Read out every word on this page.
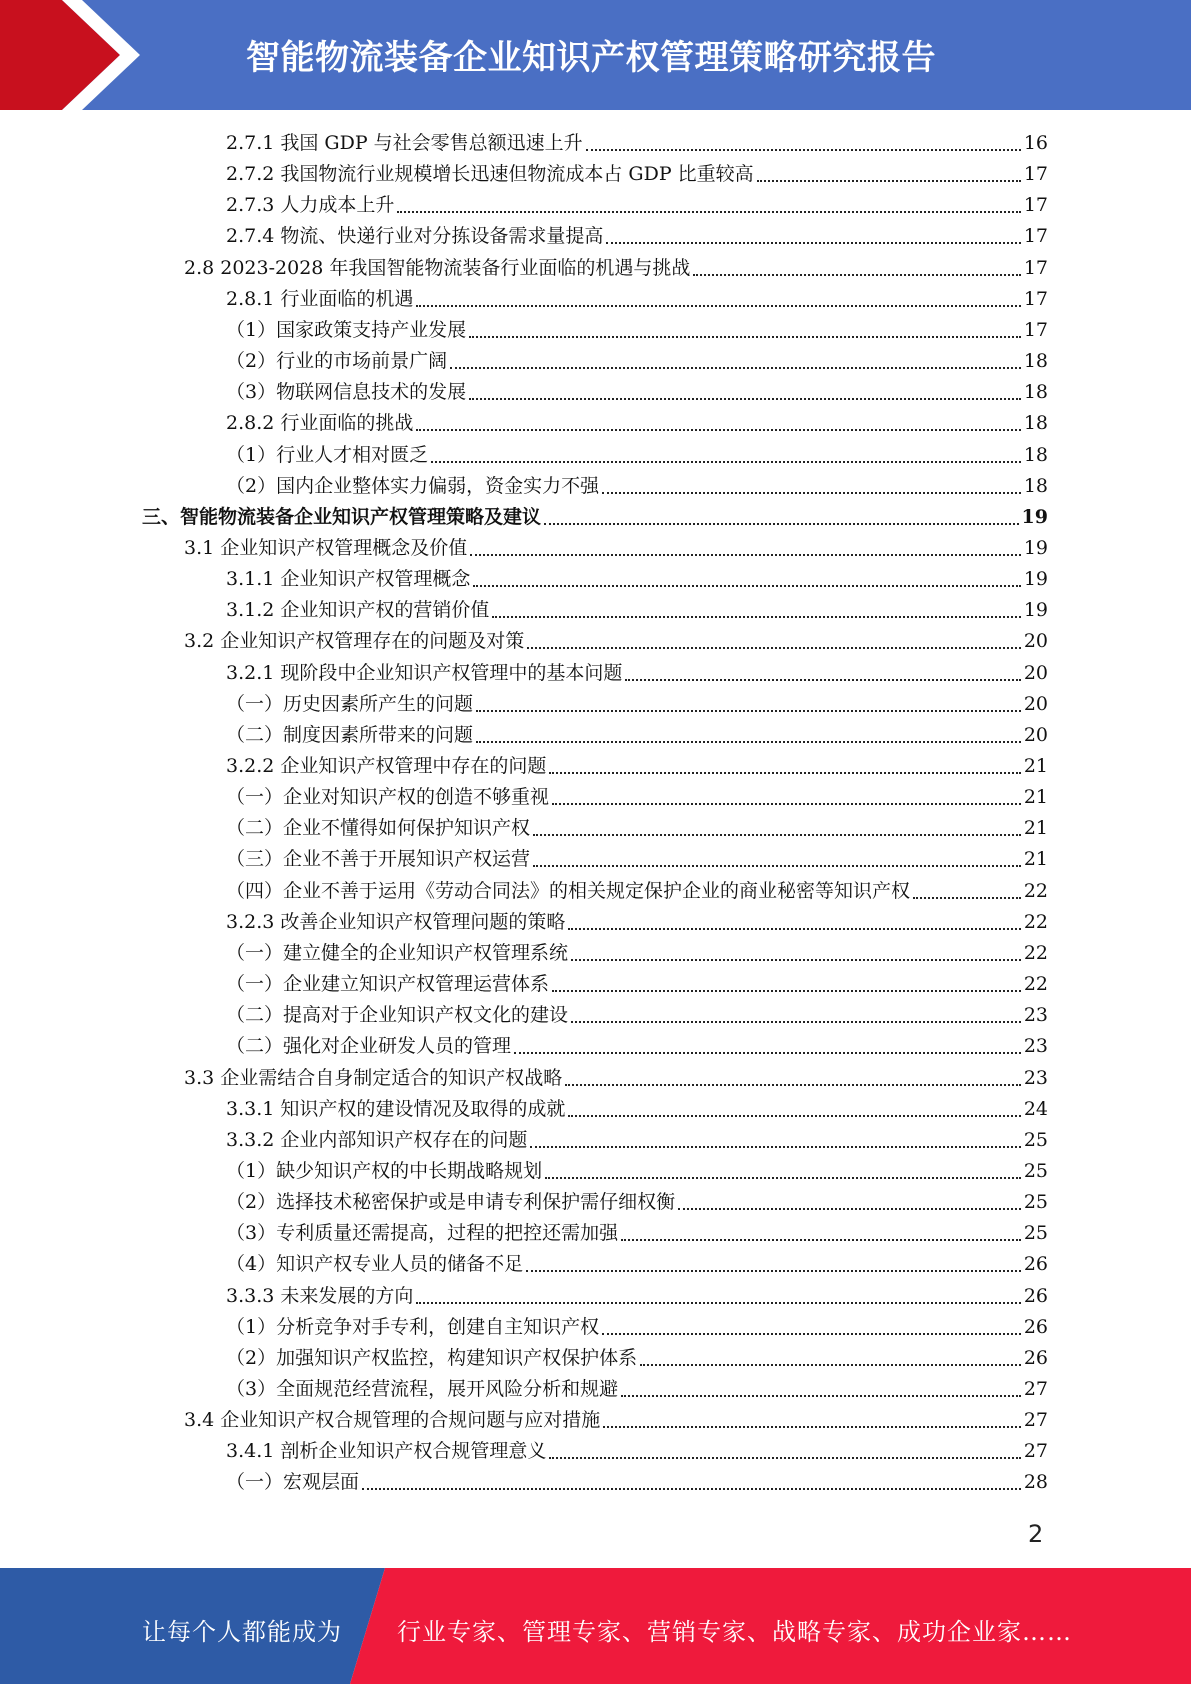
智能物流装备企业知识产权管理策略研究报告
2.7.1 我国 GDP 与社会零售总额迅速上升	16
2.7.2 我国物流行业规模增长迅速但物流成本占 GDP 比重较高	17
2.7.3 人力成本上升	17
2.7.4 物流、快递行业对分拣设备需求量提高	17
2.8 2023-2028 年我国智能物流装备行业面临的机遇与挑战	17
2.8.1 行业面临的机遇	17
（1）国家政策支持产业发展	17
（2）行业的市场前景广阔	18
（3）物联网信息技术的发展	18
2.8.2 行业面临的挑战	18
（1）行业人才相对匮乏	18
（2）国内企业整体实力偏弱，资金实力不强	18
三、智能物流装备企业知识产权管理策略及建议	19
3.1 企业知识产权管理概念及价值	19
3.1.1 企业知识产权管理概念	19
3.1.2 企业知识产权的营销价值	19
3.2 企业知识产权管理存在的问题及对策	20
3.2.1 现阶段中企业知识产权管理中的基本问题	20
（一）历史因素所产生的问题	20
（二）制度因素所带来的问题	20
3.2.2 企业知识产权管理中存在的问题	21
（一）企业对知识产权的创造不够重视	21
（二）企业不懂得如何保护知识产权	21
（三）企业不善于开展知识产权运营	21
（四）企业不善于运用《劳动合同法》的相关规定保护企业的商业秘密等知识产权	22
3.2.3 改善企业知识产权管理问题的策略	22
（一）建立健全的企业知识产权管理系统	22
（一）企业建立知识产权管理运营体系	22
（二）提高对于企业知识产权文化的建设	23
（二）强化对企业研发人员的管理	23
3.3 企业需结合自身制定适合的知识产权战略	23
3.3.1 知识产权的建设情况及取得的成就	24
3.3.2 企业内部知识产权存在的问题	25
（1）缺少知识产权的中长期战略规划	25
（2）选择技术秘密保护或是申请专利保护需仔细权衡	25
（3）专利质量还需提高，过程的把控还需加强	25
（4）知识产权专业人员的储备不足	26
3.3.3 未来发展的方向	26
（1）分析竞争对手专利，创建自主知识产权	26
（2）加强知识产权监控，构建知识产权保护体系	26
（3）全面规范经营流程，展开风险分析和规避	27
3.4 企业知识产权合规管理的合规问题与应对措施	27
3.4.1 剖析企业知识产权合规管理意义	27
（一）宏观层面	28
2
让每个人都能成为 行业专家、管理专家、营销专家、战略专家、成功企业家……
